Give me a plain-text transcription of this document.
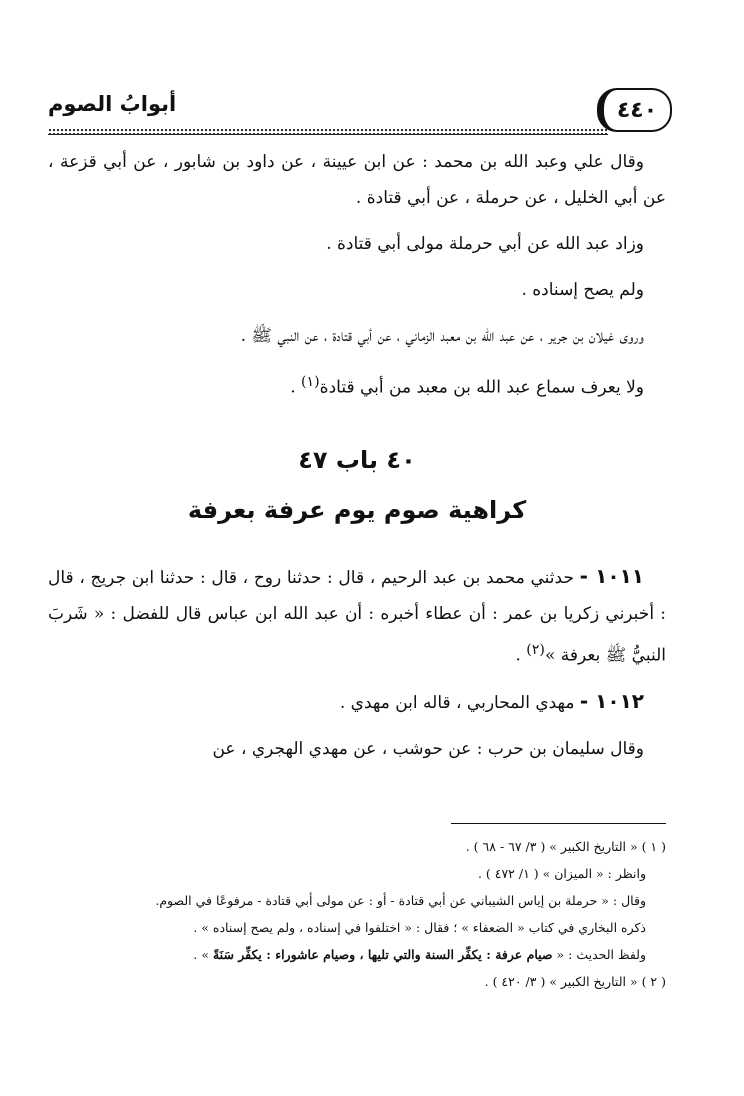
٤٤٠
أبوابُ الصوم

وقال علي وعبد الله بن محمد : عن ابن عيينة ، عن داود بن شابور ، عن أبي قزعة ، عن أبي الخليل ، عن حرملة ، عن أبي قتادة .

وزاد عبد الله عن أبي حرملة مولى أبي قتادة .

ولم يصح إسناده .

وروى غيلان بن جرير ، عن عبد الله بن معبد الزماني ، عن أبي قتادة ، عن النبي ﷺ .

ولا يعرف سماع عبد الله بن معبد من أبي قتادة$^{(١)}$ .

٤٠ باب ٤٧
كراهية صوم يوم عرفة بعرفة

١٠١١ - حدثني محمد بن عبد الرحيم ، قال : حدثنا روح ، قال : حدثنا ابن جريج ، قال : أخبرني زكريا بن عمر : أن عطاء أخبره : أن عبد الله ابن عباس قال للفضل : « شَربَ النبيُّ ﷺ بعرفة »$^{(٢)}$ .

١٠١٢ - مهدي المحاربي ، قاله ابن مهدي .

وقال سليمان بن حرب : عن حوشب ، عن مهدي الهجري ، عن

( ١ ) « التاريخ الكبير » ( ٣/ ٦٧ - ٦٨ ) .

وانظر : « الميزان » ( ١/ ٤٧٢ ) .

وقال : « حرملة بن إياس الشيباني عن أبي قتادة - أو : عن مولى أبي قتادة - مرفوعًا في الصوم.

ذكره البخاري في كتاب « الضعفاء » ؛ فقال : « اختلفوا في إسناده ، ولم يصح إسناده » .

ولفظ الحديث : « صيام عرفة : يكفِّر السنة والتي تليها ، وصيام عاشوراء : يكفِّر سَنَةً » .

( ٢ ) « التاريخ الكبير » ( ٣/ ٤٢٠ ) .
